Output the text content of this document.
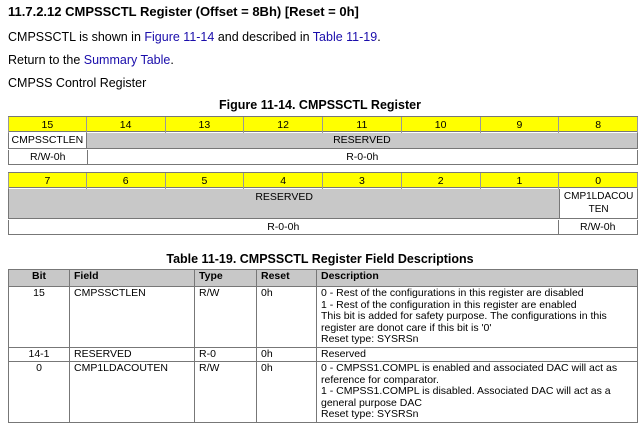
11.7.2.12 CMPSSCTL Register (Offset = 8Bh) [Reset = 0h]
CMPSSCTL is shown in Figure 11-14 and described in Table 11-19.
Return to the Summary Table.
CMPSS Control Register
Figure 11-14. CMPSSCTL Register
15	14	13	12	11	10	9	8
CMPSSCTLEN	RESERVED
R/W-0h	R-0-0h
7	6	5	4	3	2	1	0
RESERVED	CMP1LDACOU TEN
R-0-0h	R/W-0h
Table 11-19. CMPSSCTL Register Field Descriptions
Bit	Field	Type	Reset	Description
15	CMPSSCTLEN	R/W	0h	0 - Rest of the configurations in this register are disabled
1 - Rest of the configuration in this register are enabled
This bit is added for safety purpose. The configurations in this register are donot care if this bit is '0'
Reset type: SYSRSn

14-1	RESERVED	R-0	0h	Reserved

0	CMP1LDACOUTEN	R/W	0h	0 - CMPSS1.COMPL is enabled and associated DAC will act as reference for comparator.
1 - CMPSS1.COMPL is disabled. Associated DAC will act as a general purpose DAC
Reset type: SYSRSn
